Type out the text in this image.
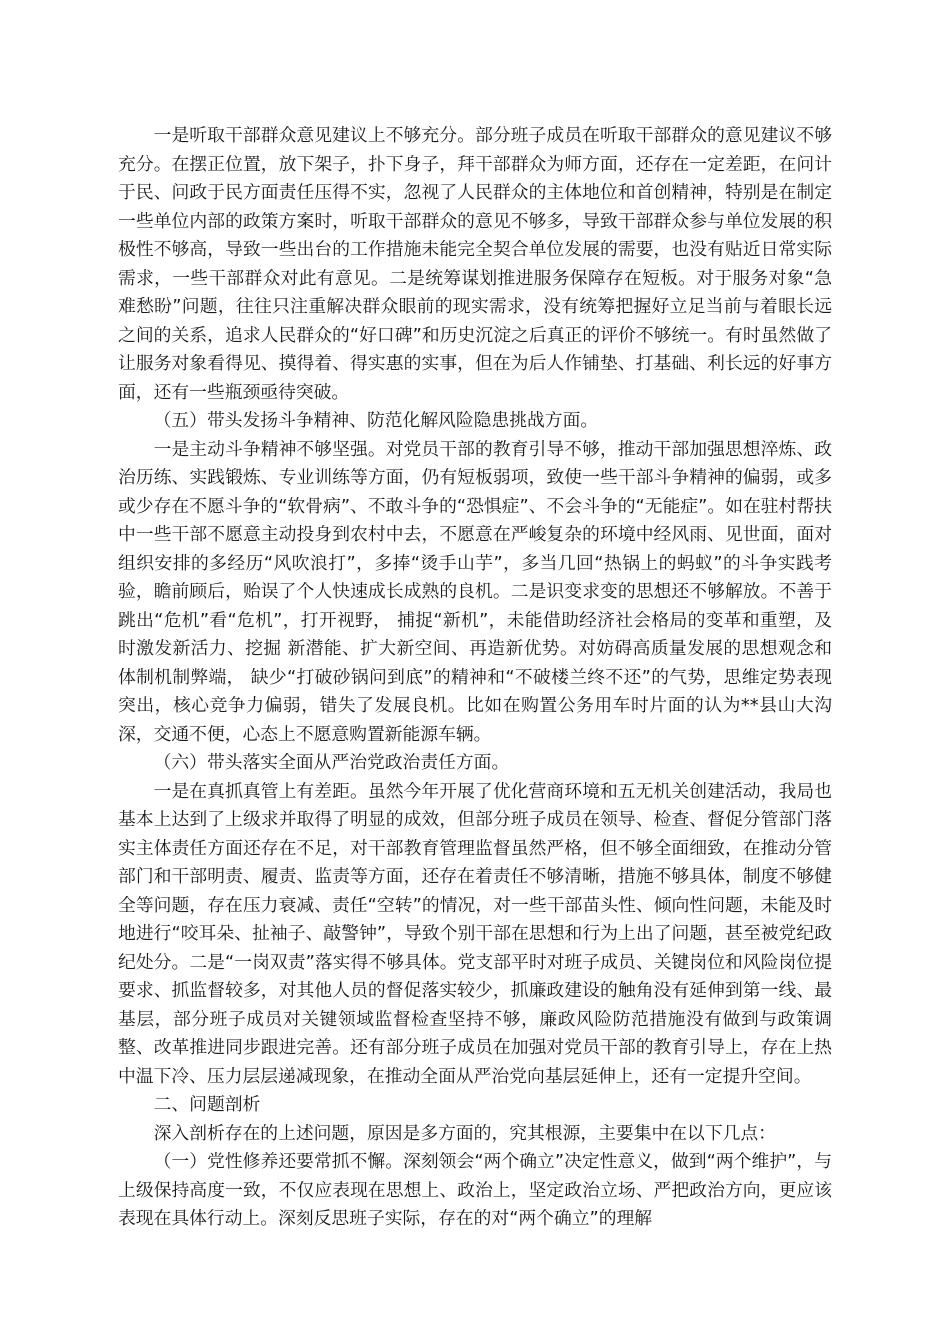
一是听取干部群众意见建议上不够充分。部分班子成员在听取干部群众的意见建议不够充分。在摆正位置，放下架子，扑下身子，拜干部群众为师方面，还存在一定差距，在问计于民、问政于民方面责任压得不实，忽视了人民群众的主体地位和首创精神，特别是在制定一些单位内部的政策方案时，听取干部群众的意见不够多，导致干部群众参与单位发展的积极性不够高，导致一些出台的工作措施未能完全契合单位发展的需要，也没有贴近日常实际需求，一些干部群众对此有意见。二是统筹谋划推进服务保障存在短板。对于服务对象“急难愁盼”问题，往往只注重解决群众眼前的现实需求，没有统筹把握好立足当前与着眼长远之间的关系，追求人民群众的“好口碑”和历史沉淀之后真正的评价不够统一。有时虽然做了让服务对象看得见、摸得着、得实惠的实事，但在为后人作铺垫、打基础、利长远的好事方面，还有一些瓶颈亟待突破。

（五）带头发扬斗争精神、防范化解风险隐患挑战方面。

一是主动斗争精神不够坚强。对党员干部的教育引导不够，推动干部加强思想淬炼、政治历练、实践锻炼、专业训练等方面，仍有短板弱项，致使一些干部斗争精神的偏弱，或多或少存在不愿斗争的“软骨病”、不敢斗争的“恐惧症”、不会斗争的“无能症”。如在驻村帮扶中一些干部不愿意主动投身到农村中去，不愿意在严峻复杂的环境中经风雨、见世面，面对组织安排的多经历“风吹浪打”，多捧“烫手山芋”，多当几回“热锅上的蚂蚁”的斗争实践考验，瞻前顾后，贻误了个人快速成长成熟的良机。二是识变求变的思想还不够解放。不善于跳出“危机”看“危机”，打开视野， 捕捉“新机”，未能借助经济社会格局的变革和重塑，及时激发新活力、挖掘 新潜能、扩大新空间、再造新优势。对妨碍高质量发展的思想观念和体制机制弊端， 缺少“打破砂锅问到底”的精神和“不破楼兰终不还”的气势，思维定势表现突出，核心竞争力偏弱，错失了发展良机。比如在购置公务用车时片面的认为**县山大沟深，交通不便，心态上不愿意购置新能源车辆。

（六）带头落实全面从严治党政治责任方面。

一是在真抓真管上有差距。虽然今年开展了优化营商环境和五无机关创建活动，我局也基本上达到了上级求并取得了明显的成效，但部分班子成员在领导、检查、督促分管部门落实主体责任方面还存在不足，对干部教育管理监督虽然严格，但不够全面细致，在推动分管部门和干部明责、履责、监责等方面，还存在着责任不够清晰，措施不够具体，制度不够健全等问题，存在压力衰减、责任“空转”的情况，对一些干部苗头性、倾向性问题，未能及时地进行“咬耳朵、扯袖子、敲警钟”，导致个别干部在思想和行为上出了问题，甚至被党纪政纪处分。二是“一岗双责”落实得不够具体。党支部平时对班子成员、关键岗位和风险岗位提要求、抓监督较多，对其他人员的督促落实较少，抓廉政建设的触角没有延伸到第一线、最基层，部分班子成员对关键领域监督检查坚持不够，廉政风险防范措施没有做到与政策调整、改革推进同步跟进完善。还有部分班子成员在加强对党员干部的教育引导上，存在上热中温下冷、压力层层递减现象，在推动全面从严治党向基层延伸上，还有一定提升空间。

二、问题剖析

深入剖析存在的上述问题，原因是多方面的，究其根源，主要集中在以下几点：

（一）党性修养还要常抓不懈。深刻领会“两个确立”决定性意义，做到“两个维护”，与上级保持高度一致，不仅应表现在思想上、政治上，坚定政治立场、严把政治方向，更应该表现在具体行动上。深刻反思班子实际，存在的对“两个确立”的理解
